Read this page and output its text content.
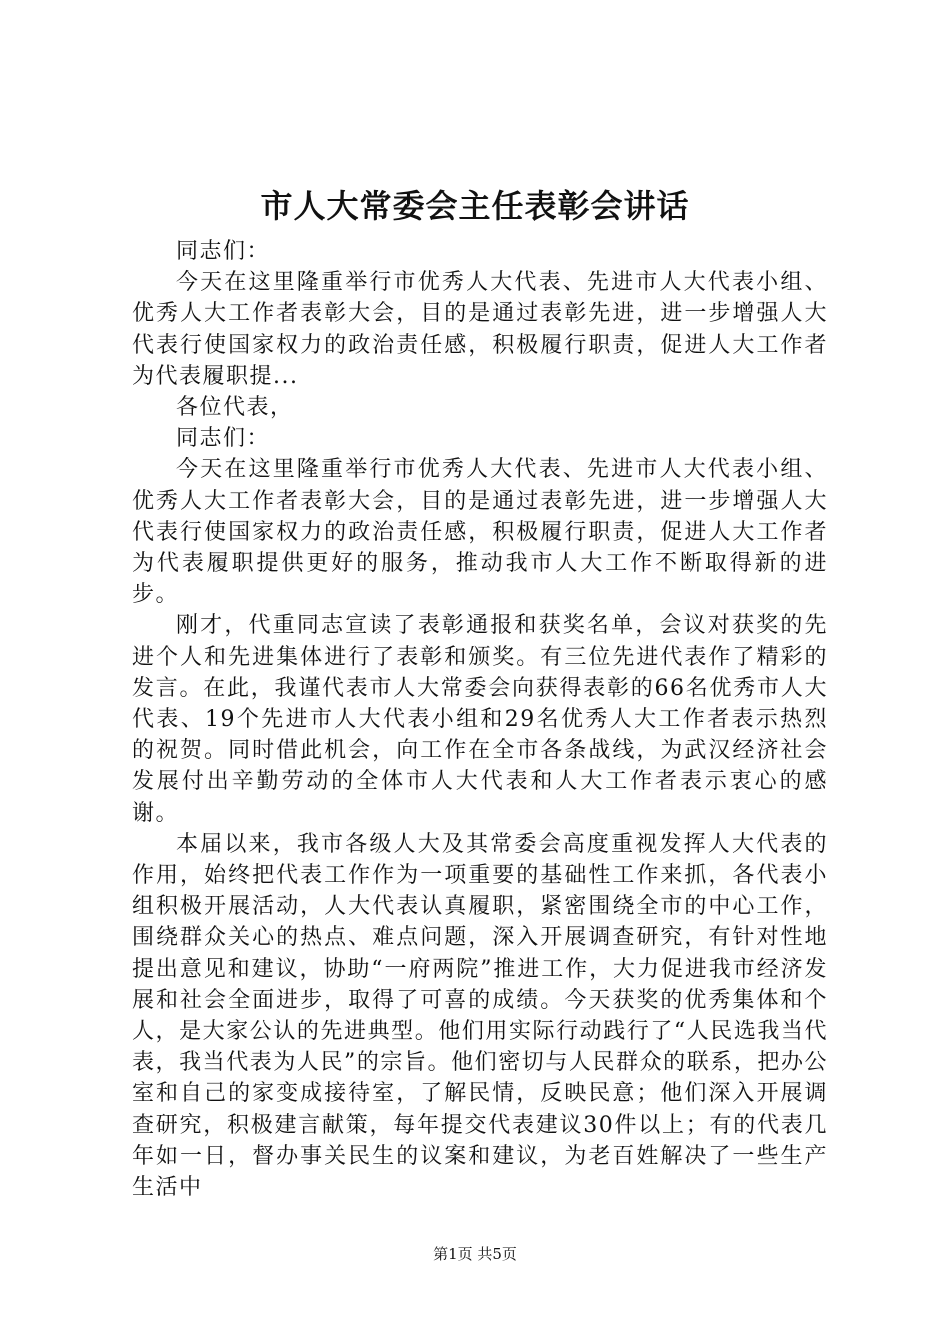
市人大常委会主任表彰会讲话

同志们：

今天在这里隆重举行市优秀人大代表、先进市人大代表小组、优秀人大工作者表彰大会，目的是通过表彰先进，进一步增强人大代表行使国家权力的政治责任感，积极履行职责，促进人大工作者为代表履职提...

各位代表，

同志们：

今天在这里隆重举行市优秀人大代表、先进市人大代表小组、优秀人大工作者表彰大会，目的是通过表彰先进，进一步增强人大代表行使国家权力的政治责任感，积极履行职责，促进人大工作者为代表履职提供更好的服务，推动我市人大工作不断取得新的进步。

刚才，代重同志宣读了表彰通报和获奖名单，会议对获奖的先进个人和先进集体进行了表彰和颁奖。有三位先进代表作了精彩的发言。在此，我谨代表市人大常委会向获得表彰的66名优秀市人大代表、19个先进市人大代表小组和29名优秀人大工作者表示热烈的祝贺。同时借此机会，向工作在全市各条战线，为武汉经济社会发展付出辛勤劳动的全体市人大代表和人大工作者表示衷心的感谢。

本届以来，我市各级人大及其常委会高度重视发挥人大代表的作用，始终把代表工作作为一项重要的基础性工作来抓，各代表小组积极开展活动，人大代表认真履职，紧密围绕全市的中心工作，围绕群众关心的热点、难点问题，深入开展调查研究，有针对性地提出意见和建议，协助“一府两院”推进工作，大力促进我市经济发展和社会全面进步，取得了可喜的成绩。今天获奖的优秀集体和个人，是大家公认的先进典型。他们用实际行动践行了“人民选我当代表，我当代表为人民”的宗旨。他们密切与人民群众的联系，把办公室和自己的家变成接待室，了解民情，反映民意；他们深入开展调查研究，积极建言献策，每年提交代表建议30件以上；有的代表几年如一日，督办事关民生的议案和建议，为老百姓解决了一些生产生活中

第1页 共5页
